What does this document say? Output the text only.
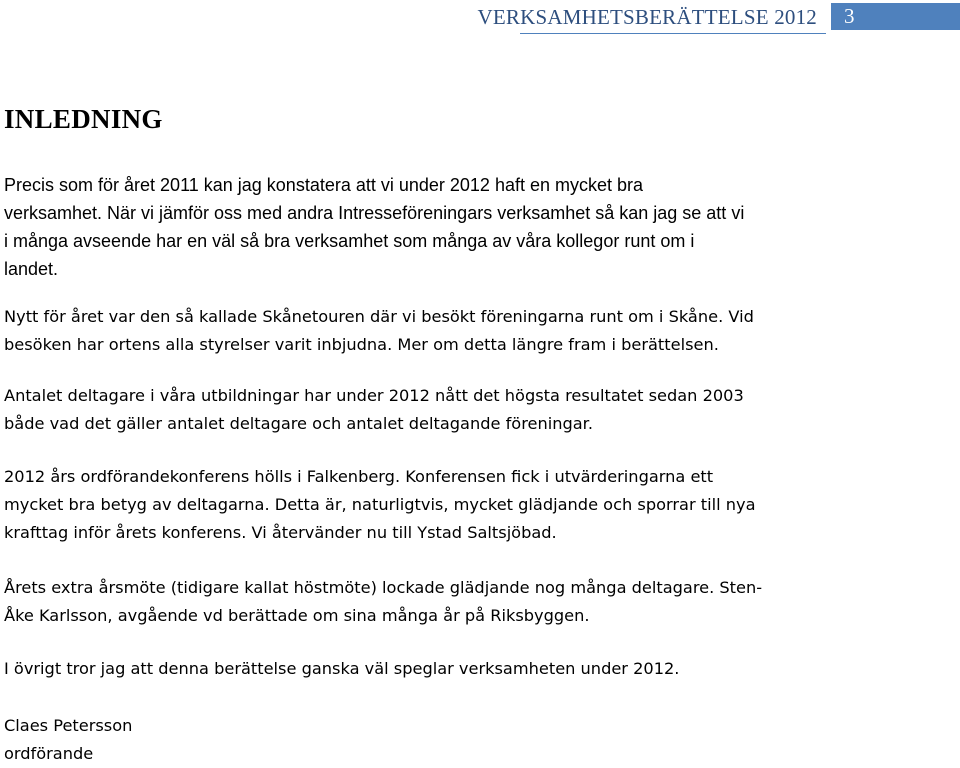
VERKSAMHETSBERÄTTELSE 2012	3
INLEDNING

Precis som för året 2011 kan jag konstatera att vi under 2012 haft en mycket bra
verksamhet. När vi jämför oss med andra Intresseföreningars verksamhet så kan jag se att vi
i många avseende har en väl så bra verksamhet som många av våra kollegor runt om i
landet.

Nytt för året var den så kallade Skånetouren där vi besökt föreningarna runt om i Skåne. Vid
besöken har ortens alla styrelser varit inbjudna. Mer om detta längre fram i berättelsen.

Antalet deltagare i våra utbildningar har under 2012 nått det högsta resultatet sedan 2003
både vad det gäller antalet deltagare och antalet deltagande föreningar.

2012 års ordförandekonferens hölls i Falkenberg. Konferensen fick i utvärderingarna ett
mycket bra betyg av deltagarna. Detta är, naturligtvis, mycket glädjande och sporrar till nya
krafttag inför årets konferens. Vi återvänder nu till Ystad Saltsjöbad.

Årets extra årsmöte (tidigare kallat höstmöte) lockade glädjande nog många deltagare. Sten-
Åke Karlsson, avgående vd berättade om sina många år på Riksbyggen.

I övrigt tror jag att denna berättelse ganska väl speglar verksamheten under 2012.

Claes Petersson
ordförande
